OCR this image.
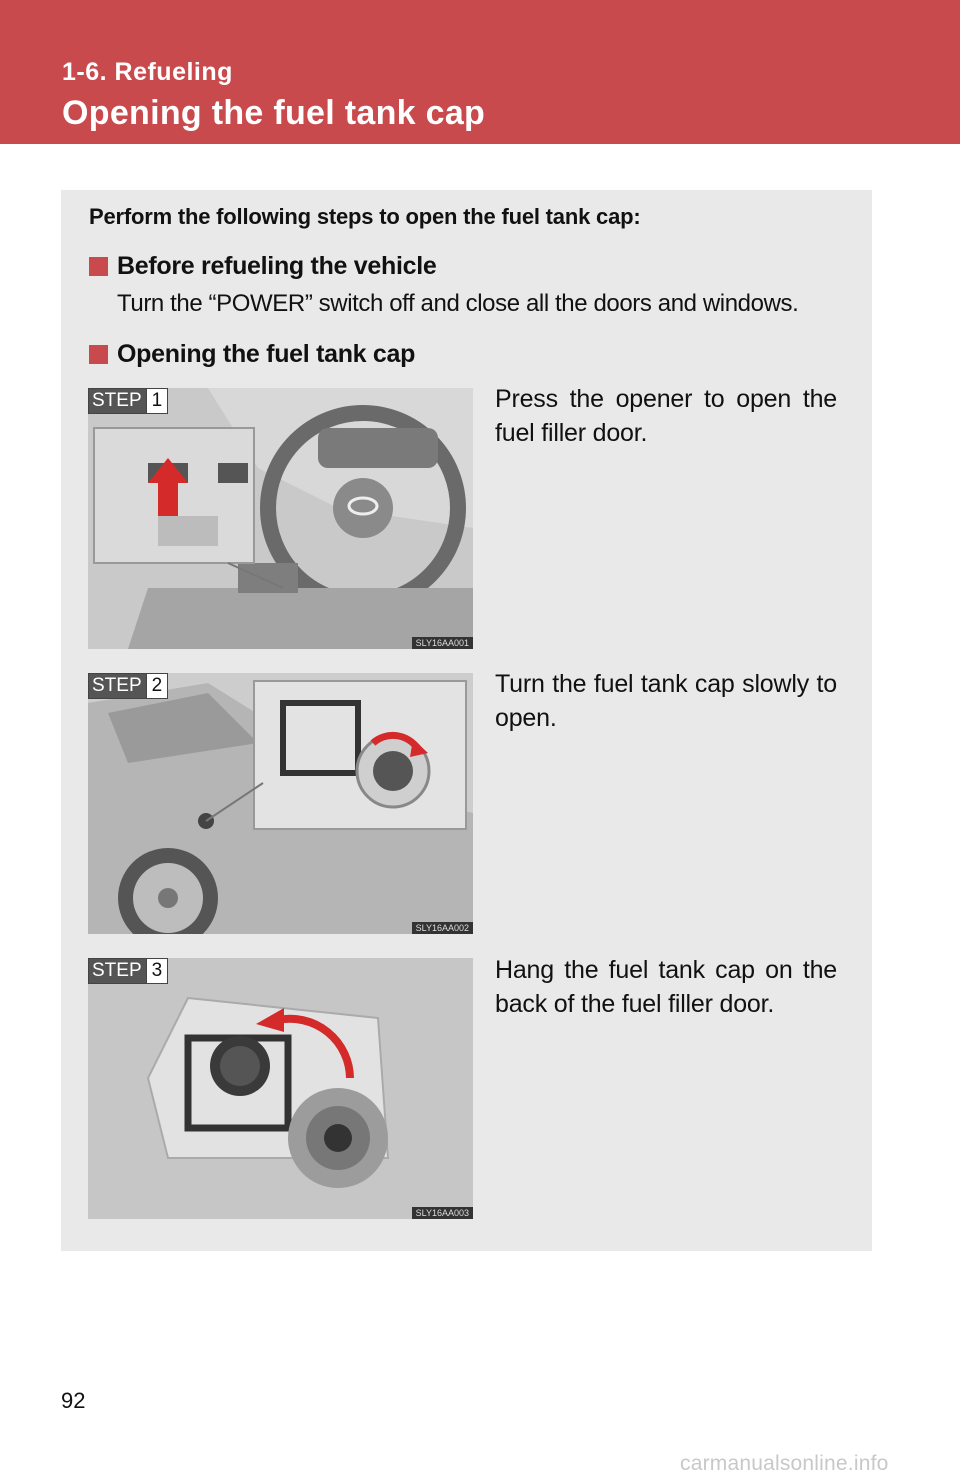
1-6. Refueling
Opening the fuel tank cap
Perform the following steps to open the fuel tank cap:
Before refueling the vehicle
Turn the “POWER” switch off and close all the doors and windows.
Opening the fuel tank cap
STEP 1
SLY16AA001
Press the opener to open the fuel filler door.
STEP 2
SLY16AA002
Turn the fuel tank cap slowly to open.
STEP 3
SLY16AA003
Hang the fuel tank cap on the back of the fuel filler door.
92
carmanualsonline.info
